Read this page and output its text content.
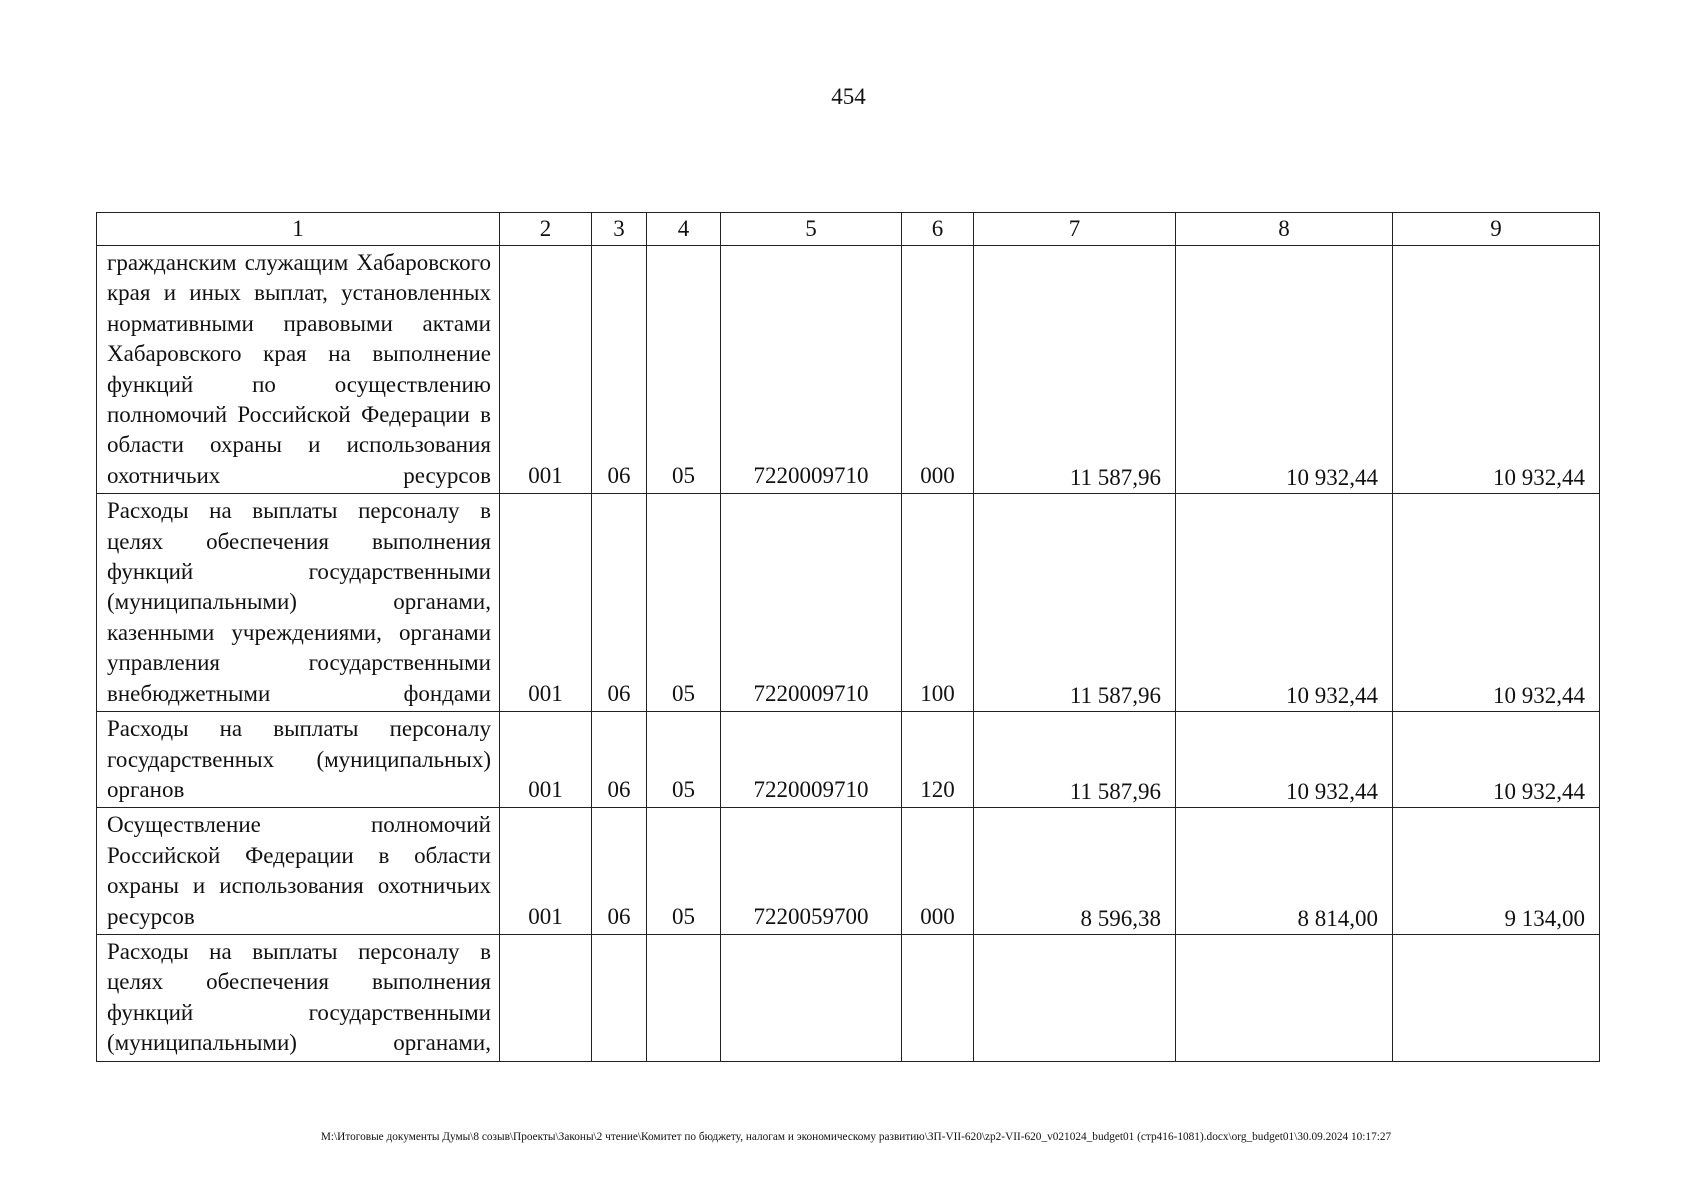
454
1	2	3	4	5	6	7	8	9
гражданским служащим Хабаровского края и иных выплат, установленных нормативными правовыми актами Хабаровского края на выполнение функций по осуществлению полномочий Российской Федерации в области охраны и использования охотничьих ресурсов	001	06	05	7220009710	000	11 587,96	10 932,44	10 932,44
Расходы на выплаты персоналу в целях обеспечения выполнения функций государственными (муниципальными) органами, казенными учреждениями, органами управления государственными внебюджетными фондами	001	06	05	7220009710	100	11 587,96	10 932,44	10 932,44
Расходы на выплаты персоналу государственных (муниципальных) органов	001	06	05	7220009710	120	11 587,96	10 932,44	10 932,44
Осуществление полномочий Российской Федерации в области охраны и использования охотничьих ресурсов	001	06	05	7220059700	000	8 596,38	8 814,00	9 134,00
Расходы на выплаты персоналу в целях обеспечения выполнения функций государственными (муниципальными) органами,								
M:\Итоговые документы Думы\8 созыв\Проекты\Законы\2 чтение\Комитет по бюджету, налогам и экономическому развитию\ЗП-VII-620\zp2-VII-620_v021024_budget01 (стр416-1081).docx\org_budget01\30.09.2024 10:17:27
